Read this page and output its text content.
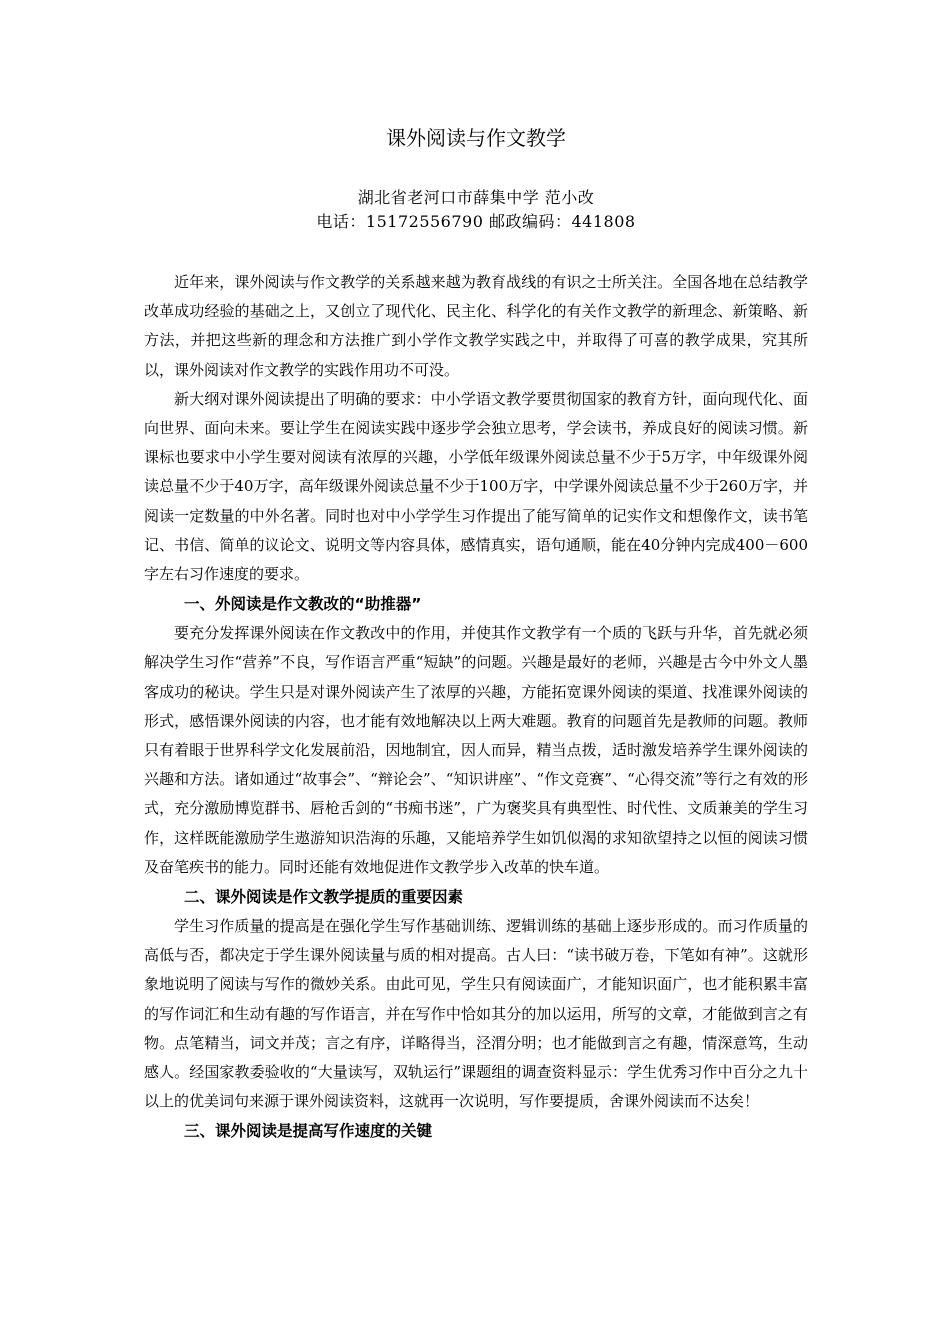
课外阅读与作文教学

湖北省老河口市薛集中学 范小改

电话：15172556790 邮政编码：441808

近年来，课外阅读与作文教学的关系越来越为教育战线的有识之士所关注。全国各地在总结教学改革成功经验的基础之上，又创立了现代化、民主化、科学化的有关作文教学的新理念、新策略、新方法，并把这些新的理念和方法推广到小学作文教学实践之中，并取得了可喜的教学成果，究其所以，课外阅读对作文教学的实践作用功不可没。

新大纲对课外阅读提出了明确的要求：中小学语文教学要贯彻国家的教育方针，面向现代化、面向世界、面向未来。要让学生在阅读实践中逐步学会独立思考，学会读书，养成良好的阅读习惯。新课标也要求中小学生要对阅读有浓厚的兴趣，小学低年级课外阅读总量不少于5万字，中年级课外阅读总量不少于40万字，高年级课外阅读总量不少于100万字，中学课外阅读总量不少于260万字，并阅读一定数量的中外名著。同时也对中小学学生习作提出了能写简单的记实作文和想像作文，读书笔记、书信、简单的议论文、说明文等内容具体，感情真实，语句通顺，能在40分钟内完成400－600字左右习作速度的要求。

一、外阅读是作文教改的“助推器”

要充分发挥课外阅读在作文教改中的作用，并使其作文教学有一个质的飞跃与升华，首先就必须解决学生习作“营养”不良，写作语言严重“短缺”的问题。兴趣是最好的老师，兴趣是古今中外文人墨客成功的秘诀。学生只是对课外阅读产生了浓厚的兴趣，方能拓宽课外阅读的渠道、找准课外阅读的形式，感悟课外阅读的内容，也才能有效地解决以上两大难题。教育的问题首先是教师的问题。教师只有着眼于世界科学文化发展前沿，因地制宜，因人而异，精当点拨，适时激发培养学生课外阅读的兴趣和方法。诸如通过“故事会”、“辩论会”、“知识讲座”、“作文竞赛”、“心得交流”等行之有效的形式，充分激励博览群书、唇枪舌剑的“书痴书迷”，广为褒奖具有典型性、时代性、文质兼美的学生习作，这样既能激励学生遨游知识浩海的乐趣，又能培养学生如饥似渴的求知欲望持之以恒的阅读习惯及奋笔疾书的能力。同时还能有效地促进作文教学步入改革的快车道。

二、课外阅读是作文教学提质的重要因素

学生习作质量的提高是在强化学生写作基础训练、逻辑训练的基础上逐步形成的。而习作质量的高低与否，都决定于学生课外阅读量与质的相对提高。古人曰：“读书破万卷，下笔如有神”。这就形象地说明了阅读与写作的微妙关系。由此可见，学生只有阅读面广，才能知识面广，也才能积累丰富的写作词汇和生动有趣的写作语言，并在写作中恰如其分的加以运用，所写的文章，才能做到言之有物。点笔精当，词文并茂；言之有序，详略得当，泾渭分明；也才能做到言之有趣，情深意笃，生动感人。经国家教委验收的“大量读写，双轨运行”课题组的调查资料显示：学生优秀习作中百分之九十以上的优美词句来源于课外阅读资料，这就再一次说明，写作要提质，舍课外阅读而不达矣！

三、课外阅读是提高写作速度的关键
